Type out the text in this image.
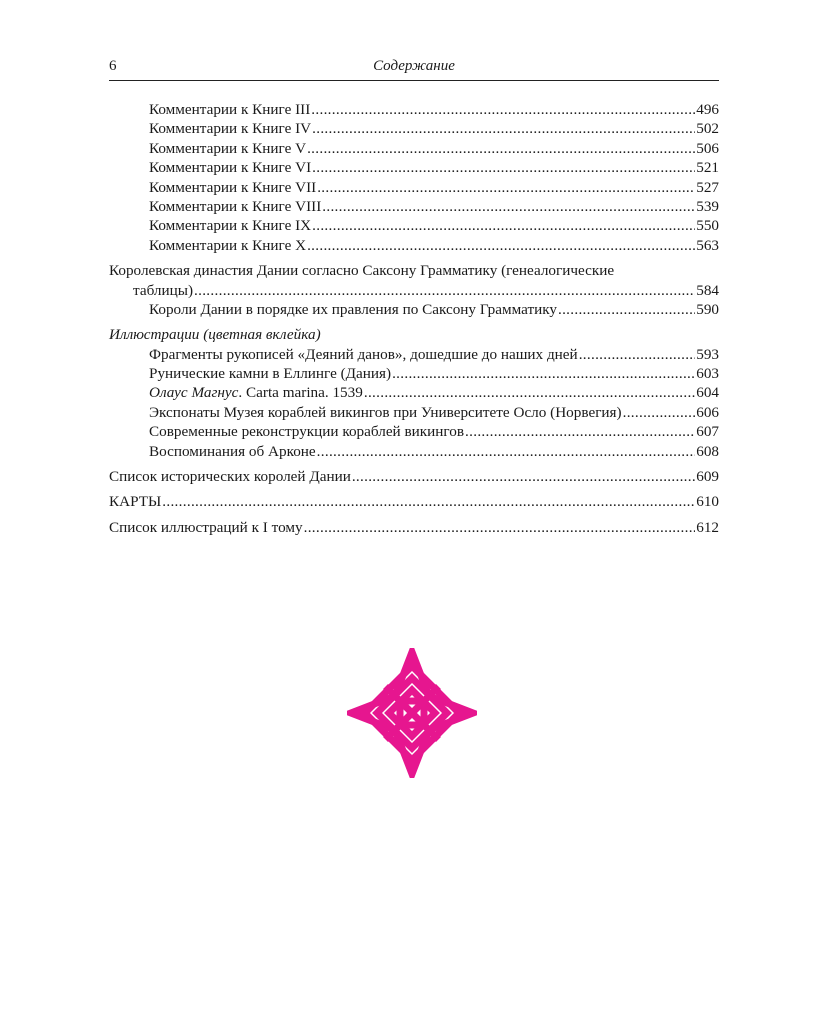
6	Содержание
Комментарии к Книге III .....	496
Комментарии к Книге IV .....	502
Комментарии к Книге V .....	506
Комментарии к Книге VI .....	521
Комментарии к Книге VII .....	527
Комментарии к Книге VIII .....	539
Комментарии к Книге IX .....	550
Комментарии к Книге X .....	563
Королевская династия Дании согласно Саксону Грамматику (генеалогические
таблицы) .....	584
Короли Дании в порядке их правления по Саксону Грамматику .....	590
Иллюстрации (цветная вклейка)
Фрагменты рукописей «Деяний данов», дошедшие до наших дней .....	593
Рунические камни в Еллинге (Дания) .....	603
Олаус Магнус. Carta marina. 1539 .....	604
Экспонаты Музея кораблей викингов при Университете Осло (Норвегия) .....	606
Современные реконструкции кораблей викингов .....	607
Воспоминания об Арконе .....	608
Список исторических королей Дании .....	609
КАРТЫ .....	610
Список иллюстраций к I тому .....	612
